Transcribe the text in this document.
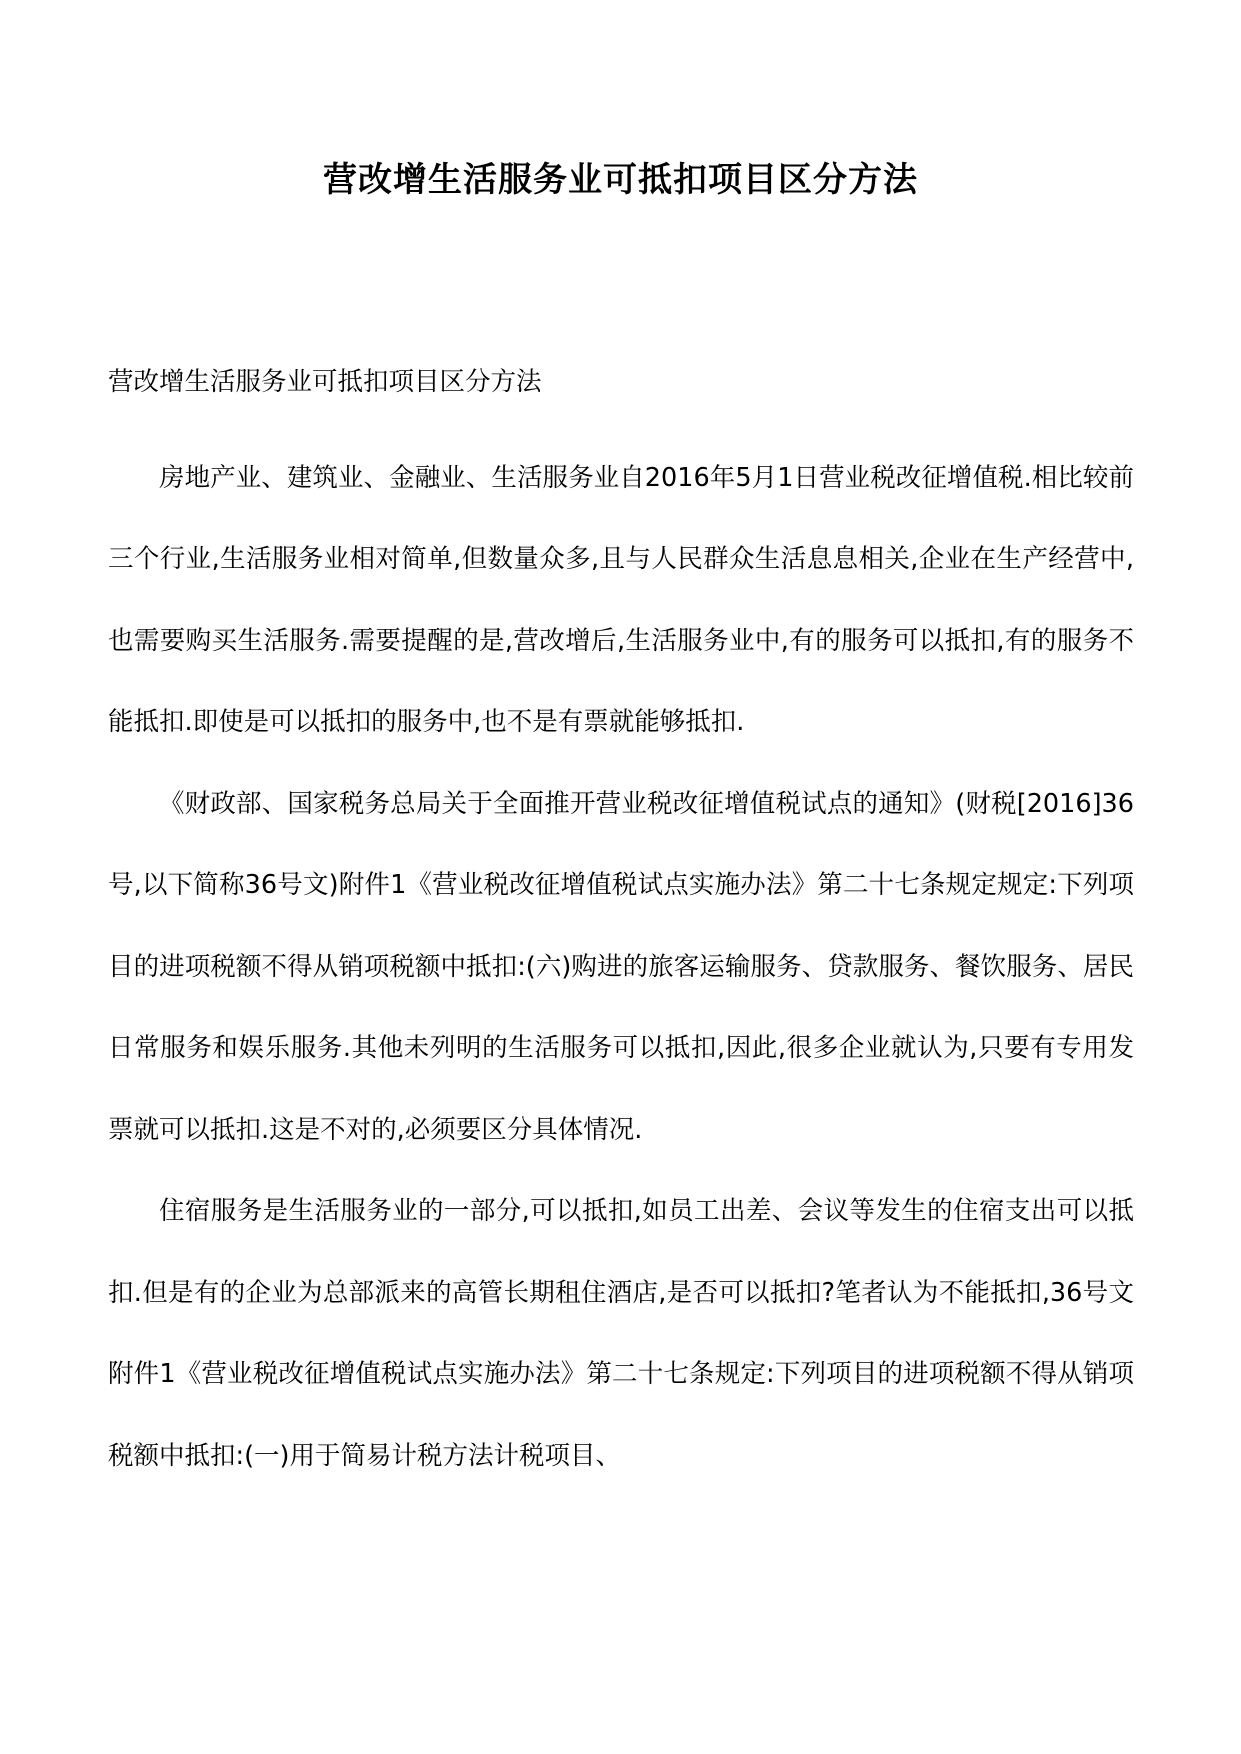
营改增生活服务业可抵扣项目区分方法

营改增生活服务业可抵扣项目区分方法

房地产业、建筑业、金融业、生活服务业自2016年5月1日营业税改征增值税.相比较前三个行业,生活服务业相对简单,但数量众多,且与人民群众生活息息相关,企业在生产经营中,也需要购买生活服务.需要提醒的是,营改增后,生活服务业中,有的服务可以抵扣,有的服务不能抵扣.即使是可以抵扣的服务中,也不是有票就能够抵扣.

《财政部、国家税务总局关于全面推开营业税改征增值税试点的通知》(财税[2016]36号,以下简称36号文)附件1《营业税改征增值税试点实施办法》第二十七条规定规定:下列项目的进项税额不得从销项税额中抵扣:(六)购进的旅客运输服务、贷款服务、餐饮服务、居民日常服务和娱乐服务.其他未列明的生活服务可以抵扣,因此,很多企业就认为,只要有专用发票就可以抵扣.这是不对的,必须要区分具体情况.

住宿服务是生活服务业的一部分,可以抵扣,如员工出差、会议等发生的住宿支出可以抵扣.但是有的企业为总部派来的高管长期租住酒店,是否可以抵扣?笔者认为不能抵扣,36号文附件1《营业税改征增值税试点实施办法》第二十七条规定:下列项目的进项税额不得从销项税额中抵扣:(一)用于简易计税方法计税项目、
